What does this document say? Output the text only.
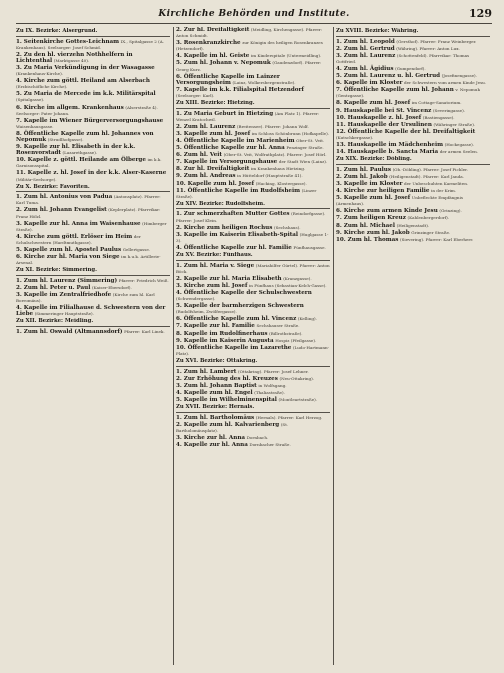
Kirchliche Behörden und Institute.	129
Zu IX. Bezirke: Alsergrund.
1. Seitenkirche Gottes-Leichnam IX., Spitalgasse 2 (A. Krankenhaus). Seelsorger: Josef Schmid.
2. Zu den hl. vierzehn Nothhelfern in Lichtenthal (Marktgasse 40).
3. Zu Maria Verkündigung in der Wasagasse (Krankenhaus-Kirche).
4. Kirche zum göttl. Heiland am Alserbach (Erzbischöfliche Kirche).
5. Zu Maria de Mercede im k.k. Militärspital (Spitalgasse).
6. Kirche im allgem. Krankenhaus (Alserstraße 4). Seelsorger: Pater Johann.
7. Kapelle im Wiener Bürgerversorgungshause Waisenhausgasse.
8. Öffentliche Kapelle zum hl. Johannes von Nepomuk (Strudlhofgasse).
9. Kapelle zur hl. Elisabeth in der k.k. Rosenvorstadt (Lazarethgasse).
10. Kapelle z. göttl. Heilande am Ölberge im k.k. Garnisonsspital.
11. Kapelle z. hl. Josef in der k.k. Alser-Kaserne (Militär-Seelsorge).
Zu X. Bezirke: Favoriten.
1. Zum hl. Antonius von Padua (Antonsplatz). Pfarrer: Karl Tuma.
2. Zum hl. Johann Evangelist (Keplerplatz). Pfarrvikar: Franz Hölzl.
3. Kapelle zur hl. Anna im Waisenhause (Himberger Straße).
4. Kirche zum göttl. Erlöser im Heim der Schulschwestern (Hardtmuthgasse).
5. Kapelle zum hl. Apostel Paulus Gellertgasse.
6. Kirche zur hl. Maria von Siege im k.u.k. Artillerie-Arsenal.
Zu XI. Bezirke: Simmering.
1. Zum hl. Laurenz (Simmering) Pfarrer: Friedrich Weiß.
2. Zum hl. Peter u. Paul (Kaiser-Ebersdorf).
3. Kapelle im Zentralfriedhofe (Kirche zum hl. Karl Borromäus).
4. Kapelle im Filialhause d. Schwestern von der Liebe (Simmeringer Hauptstraße).
Zu XII. Bezirke: Meidling.
1. Zum hl. Oswald (Altmannsdorf) Pfarrer: Karl Linek.
2. Zur hl. Dreifaltigkeit (Meidling, Kirchengasse). Pfarrer: Anton Schmidt.
3. Rosenkranzkirche zur Königin des heiligen Rosenkranzes (Hetzendorf).
4. Kapelle im hl. Geiste im Kinderspitale (Untermeidling).
5. Zum hl. Johann v. Nepomuk (Gaudenzdorf). Pfarrer: Georg Kurz.
6. Öffentliche Kapelle im Lainzer Versorgungsheim (Lainz, Wolkersbergenstraße).
7. Kapelle im k.k. Filialspital Hetzendorf (Seelsorger: Karl).
Zu XIII. Bezirke: Hietzing.
1. Zu Maria Geburt in Hietzing (Am Platz 1). Pfarrer: Wenzel Kratochwil.
2. Zum hl. Laurenz (Breitensee). Pfarrer: Johann Wolf.
3. Kapelle zum hl. Josef im Schloss Schönbrunn (Hofkapelle).
4. Öffentliche Kapelle im Marienheim Ober-St. Veit.
5. Öffentliche Kapelle zur hl. Anna Penzinger Straße.
6. Zum hl. Veit (Ober-St. Veit, Wolfrathplatz). Pfarrer: Josef Hörl.
7. Kapelle im Versorgungshause der Stadt Wien (Lainz).
8. Zur hl. Dreifaltigkeit im Krankenhaus Hietzing.
9. Zum hl. Andreas in Hütteldorf (Hauptstraße 41).
10. Kapelle zum hl. Josef (Hacking, Klostergasse).
11. Öffentliche Kapelle im Rudolfsheim (Linzer Straße).
Zu XIV. Bezirke: Rudolfsheim.
1. Zur schmerzhaften Mutter Gottes (Reindorfgasse). Pfarrer: Josef Klein.
2. Kirche zum heiligen Rochus (Sechshaus).
3. Kapelle im Kaiserin Elisabeth-Spital (Huglgasse 1-3).
4. Öffentliche Kapelle zur hl. Familie Fünfhausgasse.
Zu XV. Bezirke: Fünfhaus.
1. Zum hl. Maria v. Siege (Mariahilfer Gürtel). Pfarrer: Anton Böck.
2. Kapelle zur hl. Maria Elisabeth (Kranzgasse).
3. Kirche zum hl. Josef in Fünfhaus (Sebastian-Kelch-Gasse).
4. Öffentliche Kapelle der Schulschwestern (Schwendergasse).
5. Kapelle der barmherzigen Schwestern (Rudolfsheim, Zwölfergasse).
6. Öffentliche Kapelle zum hl. Vincenz (Kelling).
7. Kapelle zur hl. Familie Sechshauser Straße.
8. Kapelle im Rudolfinerhaus (Billrothstraße).
9. Kapelle im Kaiserin Augusta Hospiz (Pfeilgasse).
10. Öffentliche Kapelle im Lazarethe (Ludo-Hartmann-Platz).
Zu XVI. Bezirke: Ottakring.
1. Zum hl. Lambert (Ottakring). Pfarrer: Josef Lehner.
2. Zur Erhöhung des hl. Kreuzes (Neu-Ottakring).
3. Zum hl. Johann Baptist in Wolfsgang.
4. Kapelle zum hl. Engel (Thaliastraße).
5. Kapelle im Wilhelminenspital (Montleartstraße).
Zu XVII. Bezirke: Hernals.
1. Zum hl. Bartholomäus (Hernals). Pfarrer: Karl Herzog.
2. Kapelle zum hl. Kalvarienberg (St. Bartholomäusplatz).
3. Kirche zur hl. Anna Dornbach.
4. Kapelle zur hl. Anna Dornbacher Straße.
Zu XVIII. Bezirke: Währing.
1. Zum hl. Leopold (Gersthof). Pfarrer: Franz Weinberger.
2. Zum hl. Gertrud (Währing). Pfarrer: Anton Lux.
3. Zum hl. Laurenz (Schottenfeld). Pfarrvikar: Thomas Gottfried.
4. Zum hl. Ägidius (Gumpendorf).
5. Zum hl. Laurenz u. hl. Gertrud (Josefinengasse).
6. Kapelle im Kloster der Schwestern vom armen Kinde Jesu.
7. Öffentliche Kapelle zum hl. Johann v. Nepomuk (Gentzgasse).
8. Kapelle zum hl. Josef im Cottage-Sanatorium.
9. Hauskapelle bei St. Vincenz (Severingasse).
10. Hauskapelle z. hl. Josef (Bastiengasse).
11. Hauskapelle der Ursulinen (Währinger Straße).
12. Öffentliche Kapelle der hl. Dreifaltigkeit (Kutschkergasse).
13. Hauskapelle im Mädchenheim (Hockegasse).
14. Hauskapelle b. Sancta Maria der armen Seelen.
Zu XIX. Bezirke: Döbling.
1. Zum hl. Paulus (Ob.-Döbling). Pfarrer: Josef Pichler.
2. Zum hl. Jakob (Heiligenstadt). Pfarrer: Karl Janda.
3. Kapelle im Kloster der Unbeschuhten Karmeliten.
4. Kirche zur heiligen Familie in der Krim.
5. Kapelle zum hl. Josef Unbefleckte Empfängnis (Armenhaus).
6. Kirche zum armen Kinde Jesu (Grinzing).
7. Zum heiligen Kreuz (Kahlenbergerdorf).
8. Zum hl. Michael (Heiligenstadt).
9. Kirche zum hl. Jakob Grinzinger Straße.
10. Zum hl. Thomas (Sievering). Pfarrer: Karl Eberherr.
